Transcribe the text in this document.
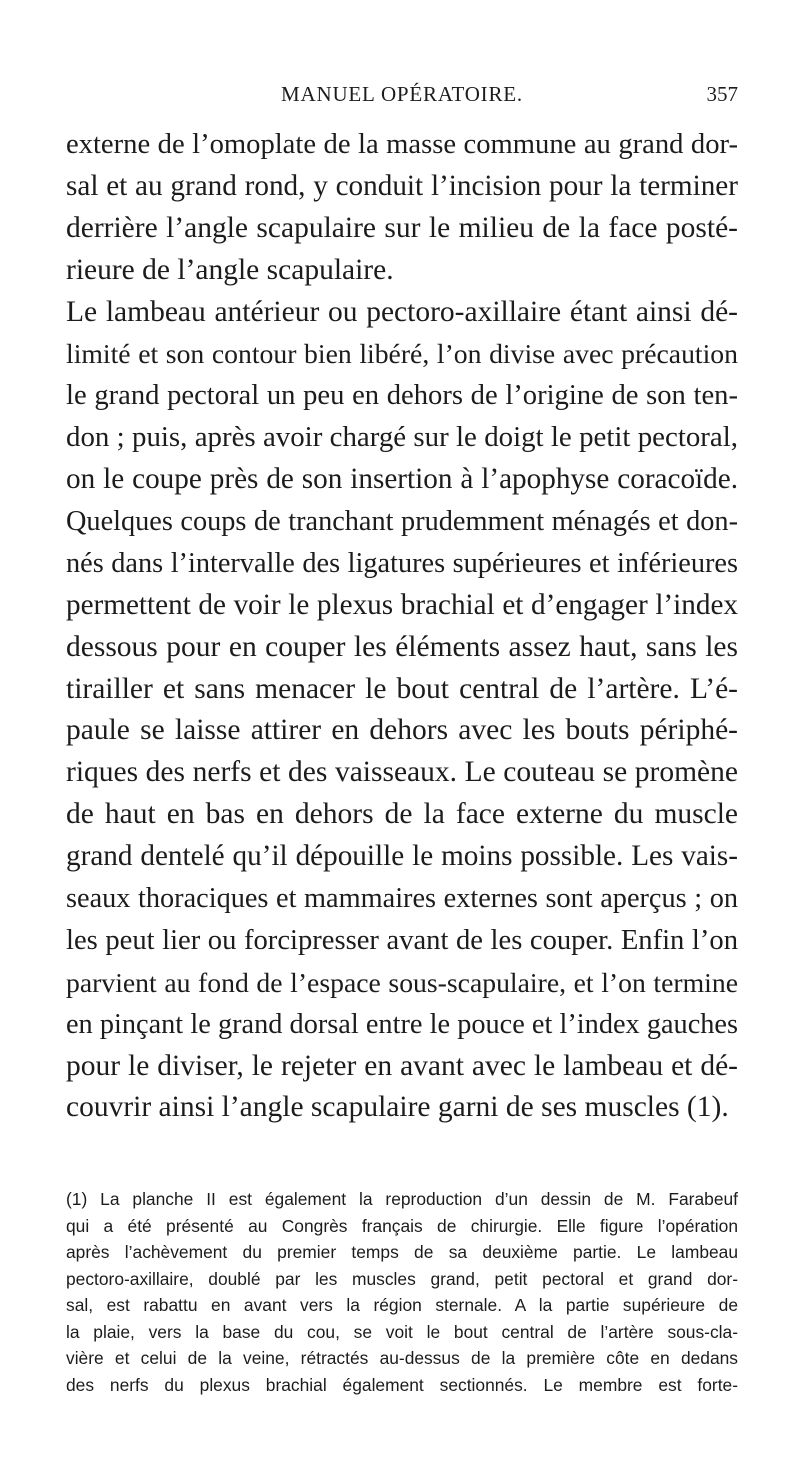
MANUEL OPÉRATOIRE.	357
externe de l’omoplate de la masse commune au grand dor-
sal et au grand rond, y conduit l’incision pour la terminer
derrière l’angle scapulaire sur le milieu de la face posté-
rieure de l’angle scapulaire.
Le lambeau antérieur ou pectoro-axillaire étant ainsi dé-
limité et son contour bien libéré, l’on divise avec précaution
le grand pectoral un peu en dehors de l’origine de son ten-
don ; puis, après avoir chargé sur le doigt le petit pectoral,
on le coupe près de son insertion à l’apophyse coracoïde.
Quelques coups de tranchant prudemment ménagés et don-
nés dans l’intervalle des ligatures supérieures et inférieures
permettent de voir le plexus brachial et d’engager l’index
dessous pour en couper les éléments assez haut, sans les
tirailler et sans menacer le bout central de l’artère. L’é-
paule se laisse attirer en dehors avec les bouts périphé-
riques des nerfs et des vaisseaux. Le couteau se promène
de haut en bas en dehors de la face externe du muscle
grand dentelé qu’il dépouille le moins possible. Les vais-
seaux thoraciques et mammaires externes sont aperçus ; on
les peut lier ou forcipresser avant de les couper. Enfin l’on
parvient au fond de l’espace sous-scapulaire, et l’on termine
en pinçant le grand dorsal entre le pouce et l’index gauches
pour le diviser, le rejeter en avant avec le lambeau et dé-
couvrir ainsi l’angle scapulaire garni de ses muscles (1).
(1) La planche II est également la reproduction d’un dessin de M. Farabeuf
qui a été présenté au Congrès français de chirurgie. Elle figure l’opération
après l’achèvement du premier temps de sa deuxième partie. Le lambeau
pectoro-axillaire, doublé par les muscles grand, petit pectoral et grand dor-
sal, est rabattu en avant vers la région sternale. A la partie supérieure de
la plaie, vers la base du cou, se voit le bout central de l’artère sous-cla-
vière et celui de la veine, rétractés au-dessus de la première côte en dedans
des nerfs du plexus brachial également sectionnés. Le membre est forte-
